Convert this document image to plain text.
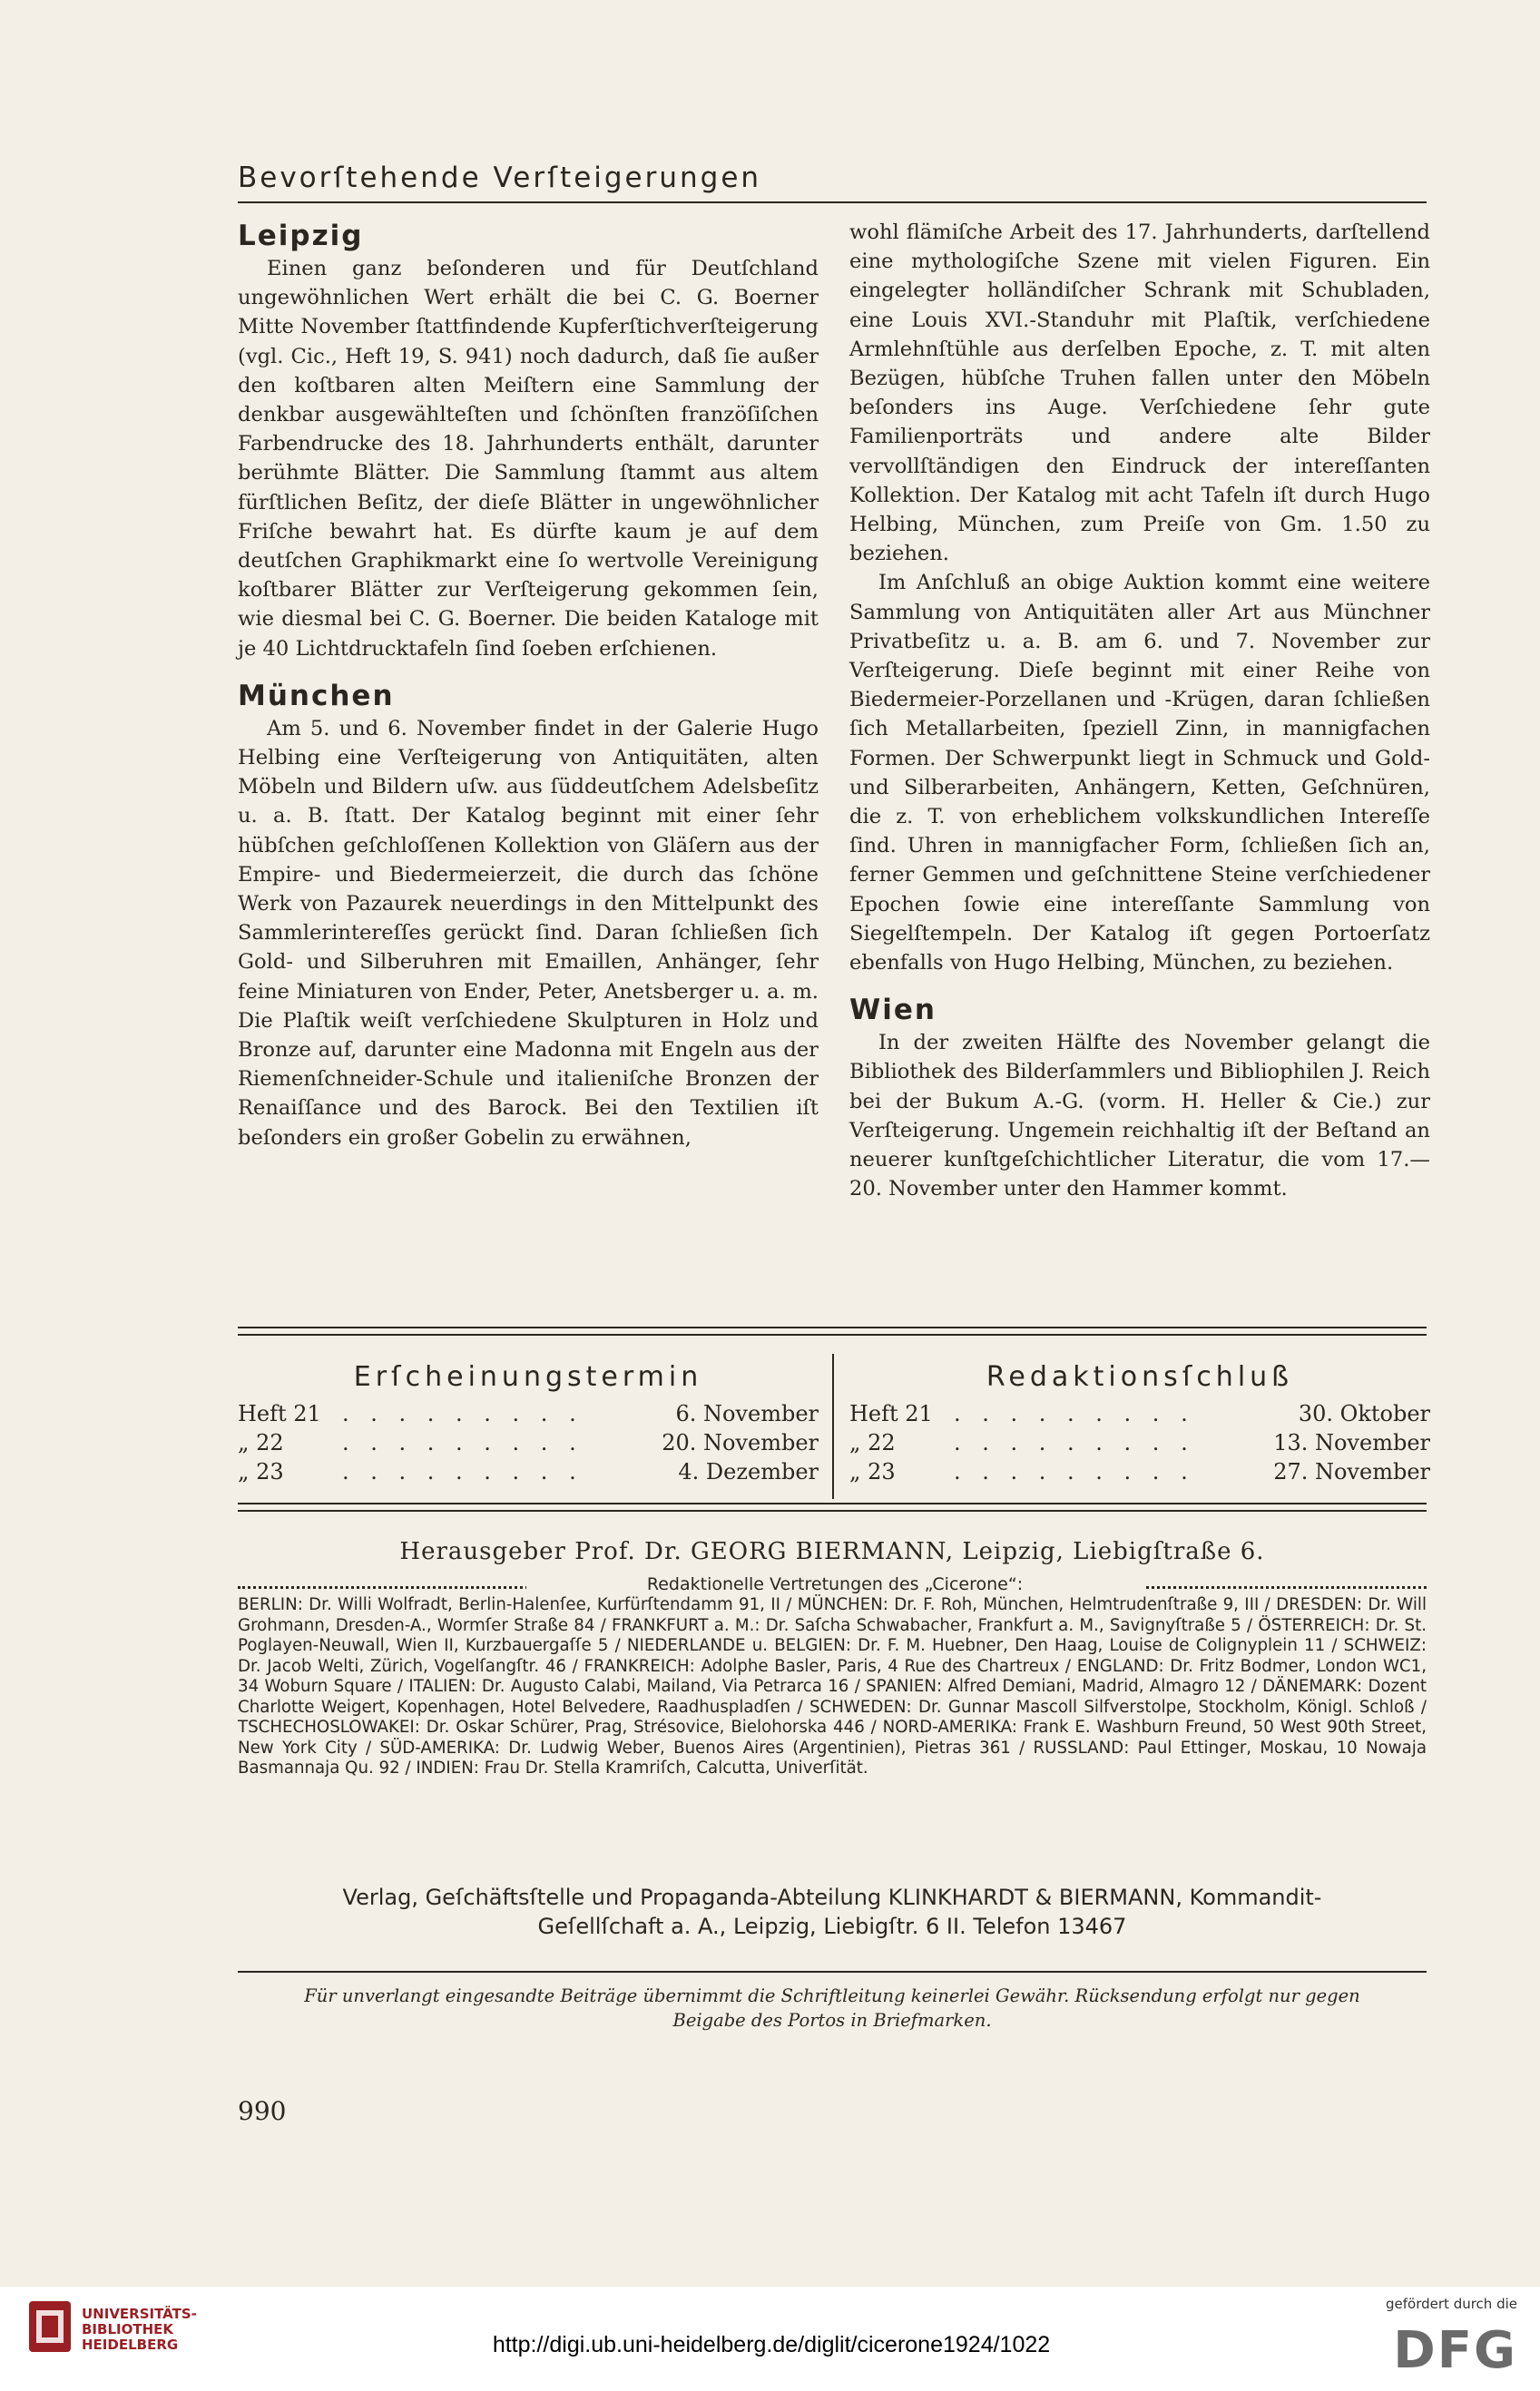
Bevorſtehende Verſteigerungen
Leipzig

Einen ganz beſonderen und für Deutſchland ungewöhnlichen Wert erhält die bei C. G. Boerner Mitte November ſtattfindende Kupferſtichverſteigerung (vgl. Cic., Heft 19, S. 941) noch dadurch, daß ſie außer den koſtbaren alten Meiſtern eine Sammlung der denkbar ausgewählteſten und ſchönſten franzöſiſchen Farbendrucke des 18. Jahrhunderts enthält, darunter berühmte Blätter. Die Sammlung ſtammt aus altem fürſtlichen Beſitz, der dieſe Blätter in ungewöhnlicher Friſche bewahrt hat. Es dürfte kaum je auf dem deutſchen Graphikmarkt eine ſo wertvolle Vereinigung koſtbarer Blätter zur Verſteigerung gekommen ſein, wie diesmal bei C. G. Boerner. Die beiden Kataloge mit je 40 Lichtdrucktafeln ſind ſoeben erſchienen.

München

Am 5. und 6. November findet in der Galerie Hugo Helbing eine Verſteigerung von Antiquitäten, alten Möbeln und Bildern uſw. aus ſüddeutſchem Adelsbeſitz u. a. B. ſtatt. Der Katalog beginnt mit einer ſehr hübſchen geſchloſſenen Kollektion von Gläſern aus der Empire- und Biedermeierzeit, die durch das ſchöne Werk von Pazaurek neuerdings in den Mittelpunkt des Sammlerintereſſes gerückt ſind. Daran ſchließen ſich Gold- und Silberuhren mit Emaillen, Anhänger, ſehr feine Miniaturen von Ender, Peter, Anetsberger u. a. m. Die Plaſtik weiſt verſchiedene Skulpturen in Holz und Bronze auf, darunter eine Madonna mit Engeln aus der Riemenſchneider-Schule und italieniſche Bronzen der Renaiſſance und des Barock. Bei den Textilien iſt beſonders ein großer Gobelin zu erwähnen,

wohl flämiſche Arbeit des 17. Jahrhunderts, darſtellend eine mythologiſche Szene mit vielen Figuren. Ein eingelegter holländiſcher Schrank mit Schubladen, eine Louis XVI.-Standuhr mit Plaſtik, verſchiedene Armlehnſtühle aus derſelben Epoche, z. T. mit alten Bezügen, hübſche Truhen fallen unter den Möbeln beſonders ins Auge. Verſchiedene ſehr gute Familienporträts und andere alte Bilder vervollſtändigen den Eindruck der intereſſanten Kollektion. Der Katalog mit acht Tafeln iſt durch Hugo Helbing, München, zum Preiſe von Gm. 1.50 zu beziehen.

Im Anſchluß an obige Auktion kommt eine weitere Sammlung von Antiquitäten aller Art aus Münchner Privatbeſitz u. a. B. am 6. und 7. November zur Verſteigerung. Dieſe beginnt mit einer Reihe von Biedermeier-Porzellanen und -Krügen, daran ſchließen ſich Metallarbeiten, ſpeziell Zinn, in mannigfachen Formen. Der Schwerpunkt liegt in Schmuck und Gold- und Silberarbeiten, Anhängern, Ketten, Geſchnüren, die z. T. von erheblichem volkskundlichen Intereſſe ſind. Uhren in mannigfacher Form, ſchließen ſich an, ferner Gemmen und geſchnittene Steine verſchiedener Epochen ſowie eine intereſſante Sammlung von Siegelſtempeln. Der Katalog iſt gegen Portoerſatz ebenfalls von Hugo Helbing, München, zu beziehen.

Wien

In der zweiten Hälfte des November gelangt die Bibliothek des Bilderſammlers und Bibliophilen J. Reich bei der Bukum A.-G. (vorm. H. Heller & Cie.) zur Verſteigerung. Ungemein reichhaltig iſt der Beſtand an neuerer kunſtgeſchichtlicher Literatur, die vom 17.—20. November unter den Hammer kommt.

Erſcheinungstermin	Redaktionsſchluß
Heft 21 . . . . . . . . .	6. November
„ 22	. . . . . . . . .	20. November
„ 23	. . . . . . . . .	4. Dezember
Heft 21 . . . . . . . . .	30. Oktober
„ 22	. . . . . . . . .	13. November
„ 23	. . . . . . . . .	27. November
Herausgeber Prof. Dr. GEORG BIERMANN, Leipzig, Liebigſtraße 6.
Redaktionelle Vertretungen des „Cicerone“:
BERLIN: Dr. Willi Wolfradt, Berlin-Halenſee, Kurfürſtendamm 91, II / MÜNCHEN: Dr. F. Roh, München, Helmtrudenſtraße 9, III / DRESDEN: Dr. Will Grohmann, Dresden-A., Wormſer Straße 84 / FRANKFURT a. M.: Dr. Saſcha Schwabacher, Frankfurt a. M., Savignyſtraße 5 / ÖSTERREICH: Dr. St. Poglayen-Neuwall, Wien II, Kurzbauergaſſe 5 / NIEDERLANDE u. BELGIEN: Dr. F. M. Huebner, Den Haag, Louise de Colignyplein 11 / SCHWEIZ: Dr. Jacob Welti, Zürich, Vogelſangſtr. 46 / FRANKREICH: Adolphe Basler, Paris, 4 Rue des Chartreux / ENGLAND: Dr. Fritz Bodmer, London WC1, 34 Woburn Square / ITALIEN: Dr. Augusto Calabi, Mailand, Via Petrarca 16 / SPANIEN: Alfred Demiani, Madrid, Almagro 12 / DÄNEMARK: Dozent Charlotte Weigert, Kopenhagen, Hotel Belvedere, Raadhuspladſen / SCHWEDEN: Dr. Gunnar Mascoll Silfverstolpe, Stockholm, Königl. Schloß / TSCHECHOSLOWAKEI: Dr. Oskar Schürer, Prag, Strésovice, Bielohorska 446 / NORD-AMERIKA: Frank E. Washburn Freund, 50 West 90th Street, New York City / SÜD-AMERIKA: Dr. Ludwig Weber, Buenos Aires (Argentinien), Pietras 361 / RUSSLAND: Paul Ettinger, Moskau, 10 Nowaja Basmannaja Qu. 92 / INDIEN: Frau Dr. Stella Kramriſch, Calcutta, Univerſität.
Verlag, Geſchäftsſtelle und Propaganda-Abteilung KLINKHARDT & BIERMANN, Kommandit-
Geſellſchaft a. A., Leipzig, Liebigſtr. 6 II. Telefon 13467
Für unverlangt eingesandte Beiträge übernimmt die Schriftleitung keinerlei Gewähr. Rücksendung erfolgt nur gegen
Beigabe des Portos in Briefmarken.
990
UNIVERSITÄTS-
BIBLIOTHEK
HEIDELBERG	http://digi.ub.uni-heidelberg.de/diglit/cicerone1924/1022
gefördert durch die
DFG
